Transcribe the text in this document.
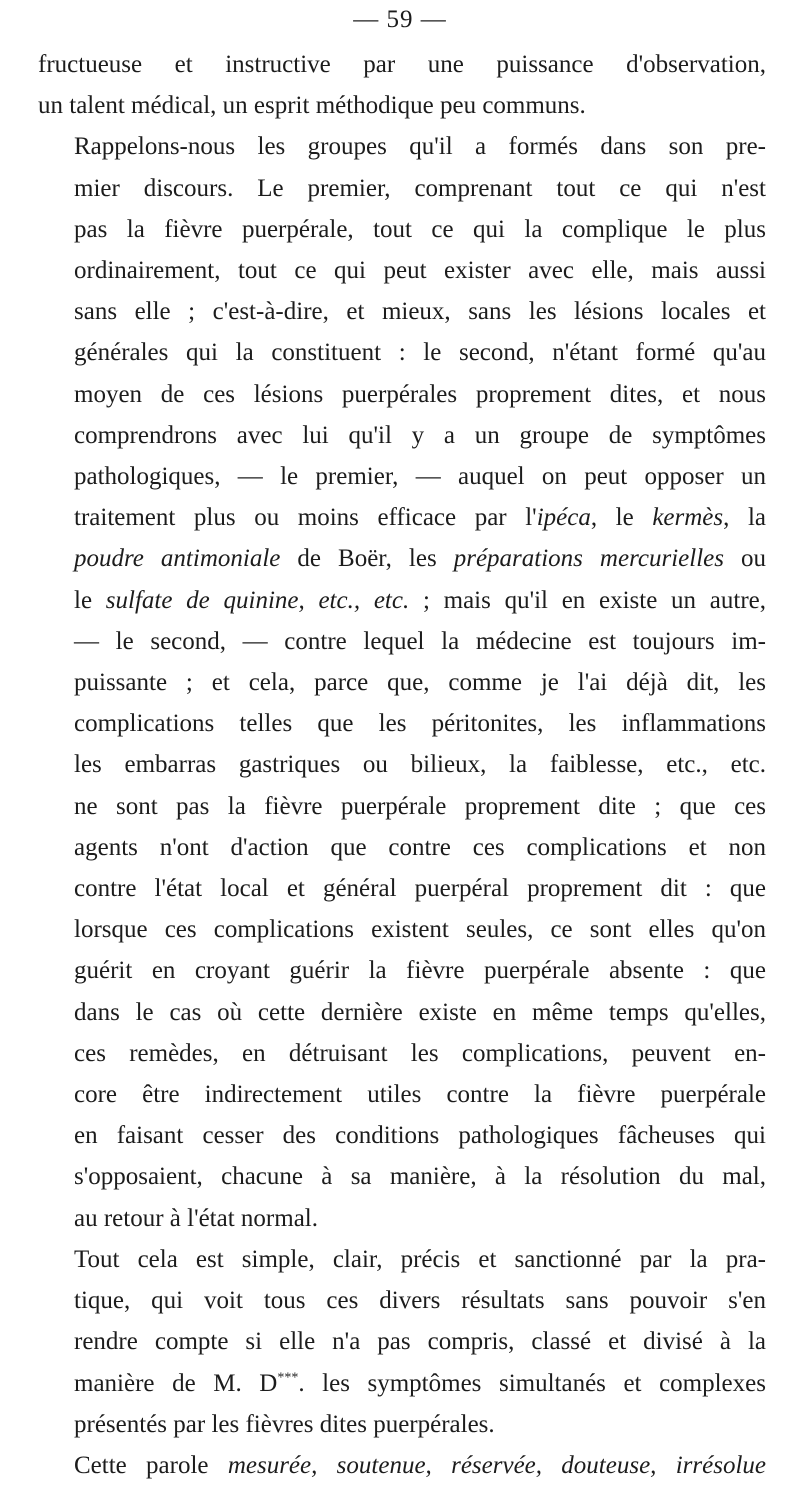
— 59 —

fructueuse et instructive par une puissance d'observation,
un talent médical, un esprit méthodique peu communs.

Rappelons-nous les groupes qu'il a formés dans son pre-
mier discours. Le premier, comprenant tout ce qui n'est
pas la fièvre puerpérale, tout ce qui la complique le plus
ordinairement, tout ce qui peut exister avec elle, mais aussi
sans elle ; c'est-à-dire, et mieux, sans les lésions locales et
générales qui la constituent : le second, n'étant formé qu'au
moyen de ces lésions puerpérales proprement dites, et nous
comprendrons avec lui qu'il y a un groupe de symptômes
pathologiques, — le premier, — auquel on peut opposer un
traitement plus ou moins efficace par l'ipéca, le kermès, la
poudre antimoniale de Boër, les préparations mercurielles ou
le sulfate de quinine, etc., etc. ; mais qu'il en existe un autre,
— le second, — contre lequel la médecine est toujours im-
puissante ; et cela, parce que, comme je l'ai déjà dit, les
complications telles que les péritonites, les inflammations
les embarras gastriques ou bilieux, la faiblesse, etc., etc.
ne sont pas la fièvre puerpérale proprement dite ; que ces
agents n'ont d'action que contre ces complications et non
contre l'état local et général puerpéral proprement dit : que
lorsque ces complications existent seules, ce sont elles qu'on
guérit en croyant guérir la fièvre puerpérale absente : que
dans le cas où cette dernière existe en même temps qu'elles,
ces remèdes, en détruisant les complications, peuvent en-
core être indirectement utiles contre la fièvre puerpérale
en faisant cesser des conditions pathologiques fâcheuses qui
s'opposaient, chacune à sa manière, à la résolution du mal,
au retour à l'état normal.

Tout cela est simple, clair, précis et sanctionné par la pra-
tique, qui voit tous ces divers résultats sans pouvoir s'en
rendre compte si elle n'a pas compris, classé et divisé à la
manière de M. D***. les symptômes simultanés et complexes
présentés par les fièvres dites puerpérales.

Cette parole mesurée, soutenue, réservée, douteuse, irrésolue
